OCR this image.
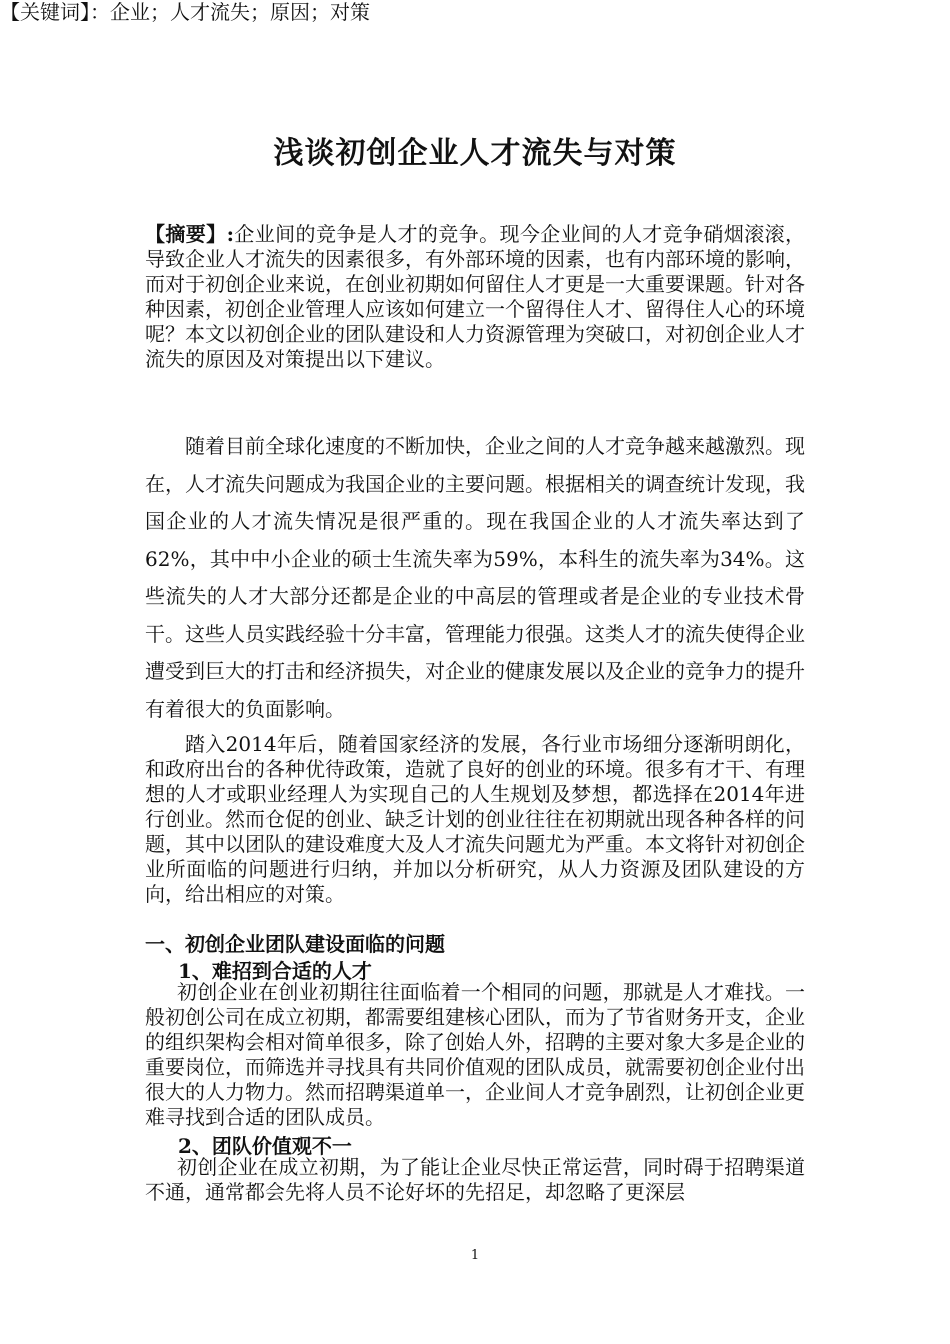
浅谈初创企业人才流失与对策
【摘要】:企业间的竞争是人才的竞争。现今企业间的人才竞争硝烟滚滚，导致企业人才流失的因素很多，有外部环境的因素，也有内部环境的影响，而对于初创企业来说，在创业初期如何留住人才更是一大重要课题。针对各种因素，初创企业管理人应该如何建立一个留得住人才、留得住人心的环境呢？本文以初创企业的团队建设和人力资源管理为突破口，对初创企业人才流失的原因及对策提出以下建议。
【关键词】：企业；人才流失；原因；对策
随着目前全球化速度的不断加快，企业之间的人才竞争越来越激烈。现在，人才流失问题成为我国企业的主要问题。根据相关的调查统计发现，我国企业的人才流失情况是很严重的。现在我国企业的人才流失率达到了62%，其中中小企业的硕士生流失率为59%，本科生的流失率为34%。这些流失的人才大部分还都是企业的中高层的管理或者是企业的专业技术骨干。这些人员实践经验十分丰富，管理能力很强。这类人才的流失使得企业遭受到巨大的打击和经济损失，对企业的健康发展以及企业的竞争力的提升有着很大的负面影响。
踏入2014年后，随着国家经济的发展，各行业市场细分逐渐明朗化，和政府出台的各种优待政策，造就了良好的创业的环境。很多有才干、有理想的人才或职业经理人为实现自己的人生规划及梦想，都选择在2014年进行创业。然而仓促的创业、缺乏计划的创业往往在初期就出现各种各样的问题，其中以团队的建设难度大及人才流失问题尤为严重。本文将针对初创企业所面临的问题进行归纳，并加以分析研究，从人力资源及团队建设的方向，给出相应的对策。
一、初创企业团队建设面临的问题
1、难招到合适的人才
初创企业在创业初期往往面临着一个相同的问题，那就是人才难找。一般初创公司在成立初期，都需要组建核心团队，而为了节省财务开支，企业的组织架构会相对简单很多，除了创始人外，招聘的主要对象大多是企业的重要岗位，而筛选并寻找具有共同价值观的团队成员，就需要初创企业付出很大的人力物力。然而招聘渠道单一，企业间人才竞争剧烈，让初创企业更难寻找到合适的团队成员。
2、团队价值观不一
初创企业在成立初期，为了能让企业尽快正常运营，同时碍于招聘渠道不通，通常都会先将人员不论好坏的先招足，却忽略了更深层
1
